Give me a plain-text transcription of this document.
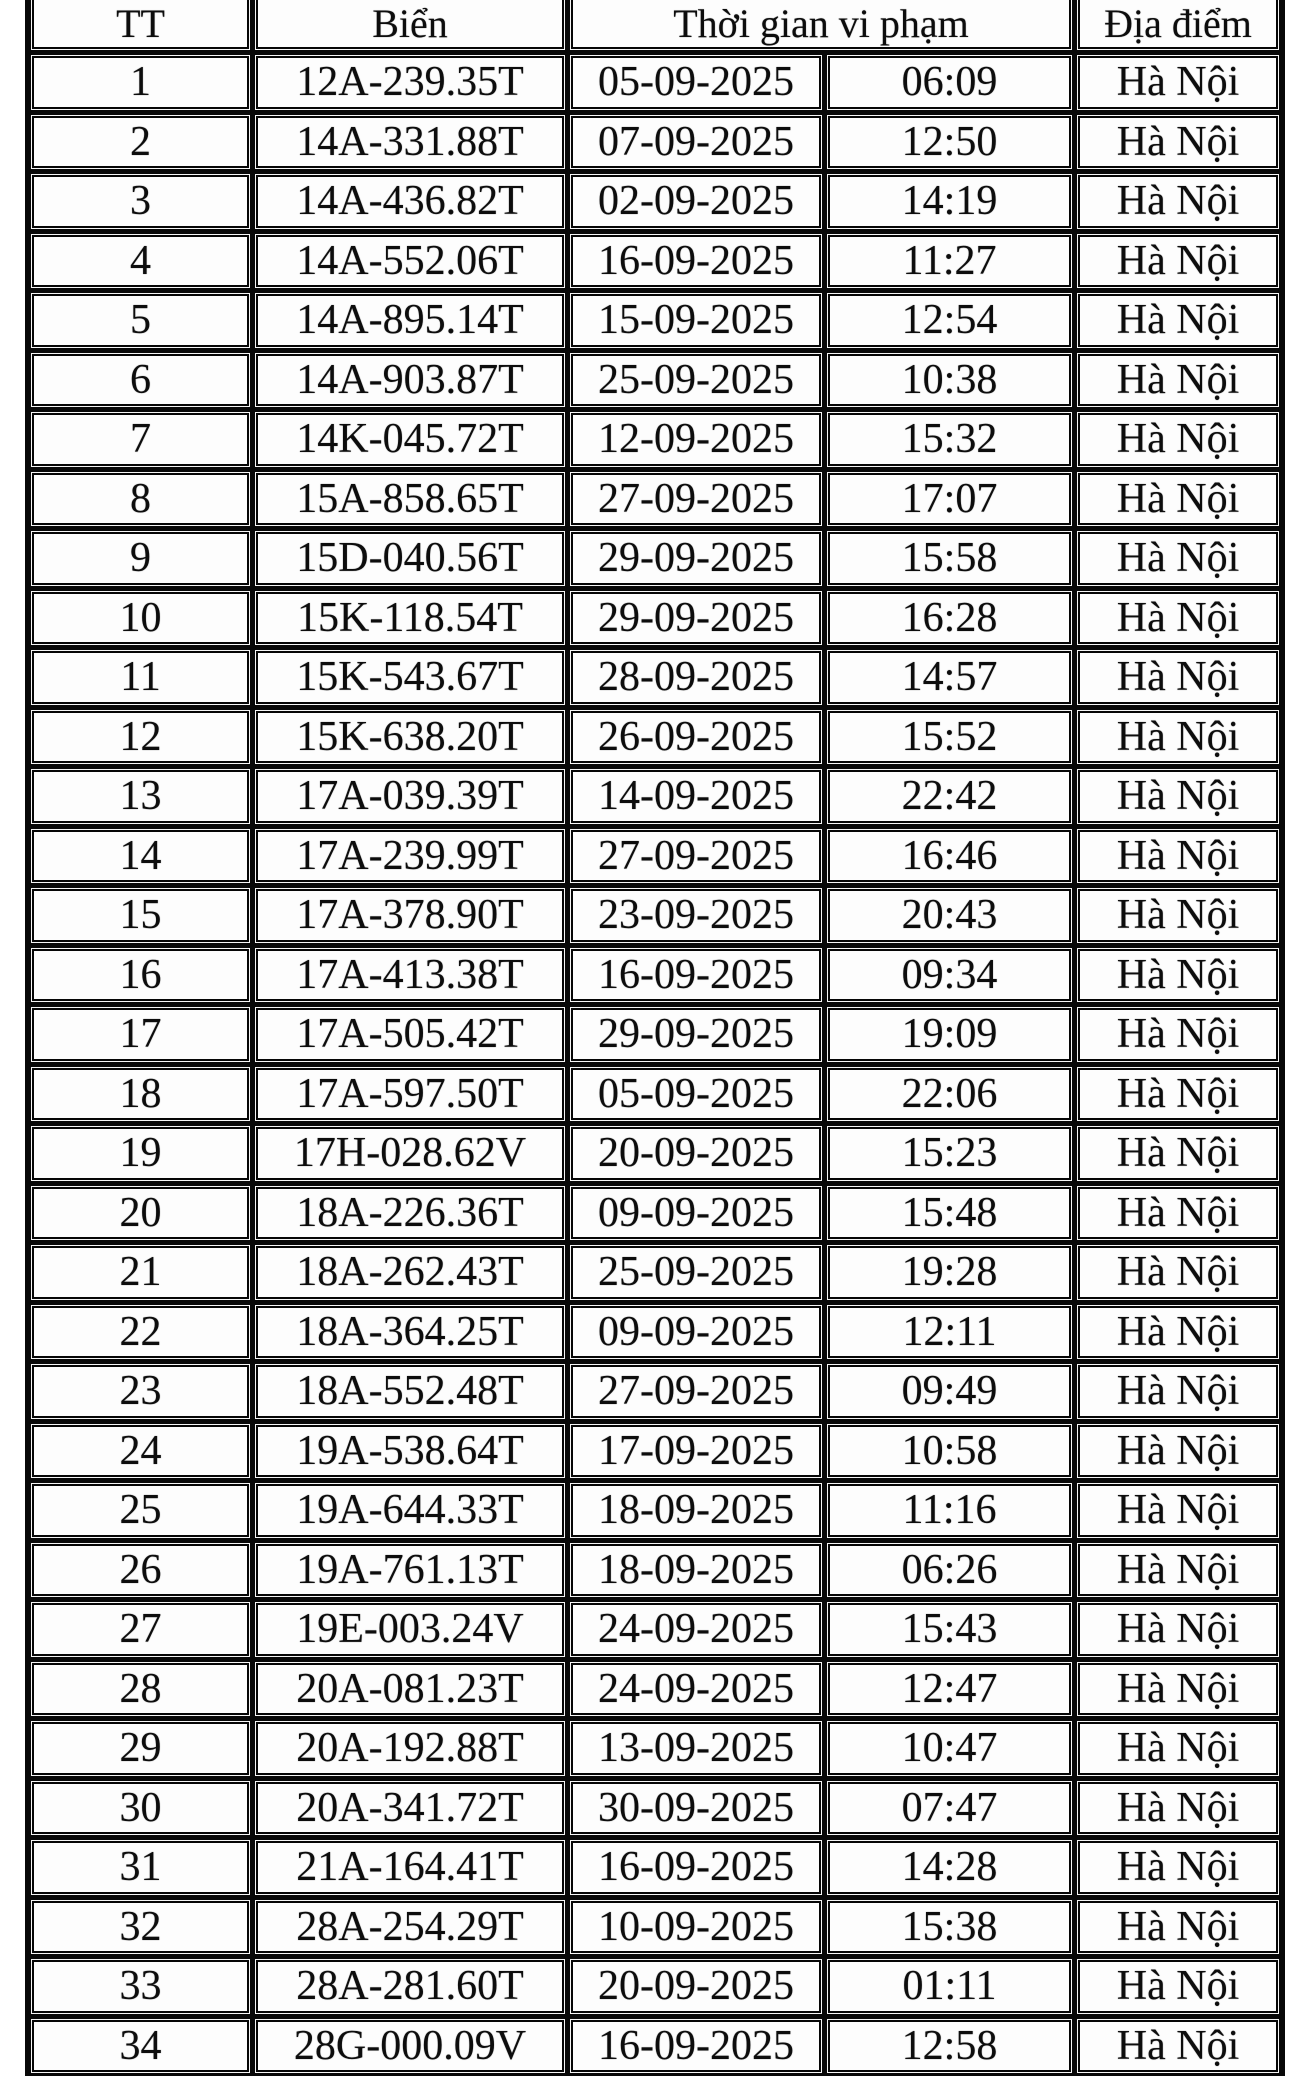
TT	Biển	Thời gian vi phạm		Địa điểm
1	12A-239.35T	05-09-2025	06:09	Hà Nội
2	14A-331.88T	07-09-2025	12:50	Hà Nội
3	14A-436.82T	02-09-2025	14:19	Hà Nội
4	14A-552.06T	16-09-2025	11:27	Hà Nội
5	14A-895.14T	15-09-2025	12:54	Hà Nội
6	14A-903.87T	25-09-2025	10:38	Hà Nội
7	14K-045.72T	12-09-2025	15:32	Hà Nội
8	15A-858.65T	27-09-2025	17:07	Hà Nội
9	15D-040.56T	29-09-2025	15:58	Hà Nội
10	15K-118.54T	29-09-2025	16:28	Hà Nội
11	15K-543.67T	28-09-2025	14:57	Hà Nội
12	15K-638.20T	26-09-2025	15:52	Hà Nội
13	17A-039.39T	14-09-2025	22:42	Hà Nội
14	17A-239.99T	27-09-2025	16:46	Hà Nội
15	17A-378.90T	23-09-2025	20:43	Hà Nội
16	17A-413.38T	16-09-2025	09:34	Hà Nội
17	17A-505.42T	29-09-2025	19:09	Hà Nội
18	17A-597.50T	05-09-2025	22:06	Hà Nội
19	17H-028.62V	20-09-2025	15:23	Hà Nội
20	18A-226.36T	09-09-2025	15:48	Hà Nội
21	18A-262.43T	25-09-2025	19:28	Hà Nội
22	18A-364.25T	09-09-2025	12:11	Hà Nội
23	18A-552.48T	27-09-2025	09:49	Hà Nội
24	19A-538.64T	17-09-2025	10:58	Hà Nội
25	19A-644.33T	18-09-2025	11:16	Hà Nội
26	19A-761.13T	18-09-2025	06:26	Hà Nội
27	19E-003.24V	24-09-2025	15:43	Hà Nội
28	20A-081.23T	24-09-2025	12:47	Hà Nội
29	20A-192.88T	13-09-2025	10:47	Hà Nội
30	20A-341.72T	30-09-2025	07:47	Hà Nội
31	21A-164.41T	16-09-2025	14:28	Hà Nội
32	28A-254.29T	10-09-2025	15:38	Hà Nội
33	28A-281.60T	20-09-2025	01:11	Hà Nội
34	28G-000.09V	16-09-2025	12:58	Hà Nội
